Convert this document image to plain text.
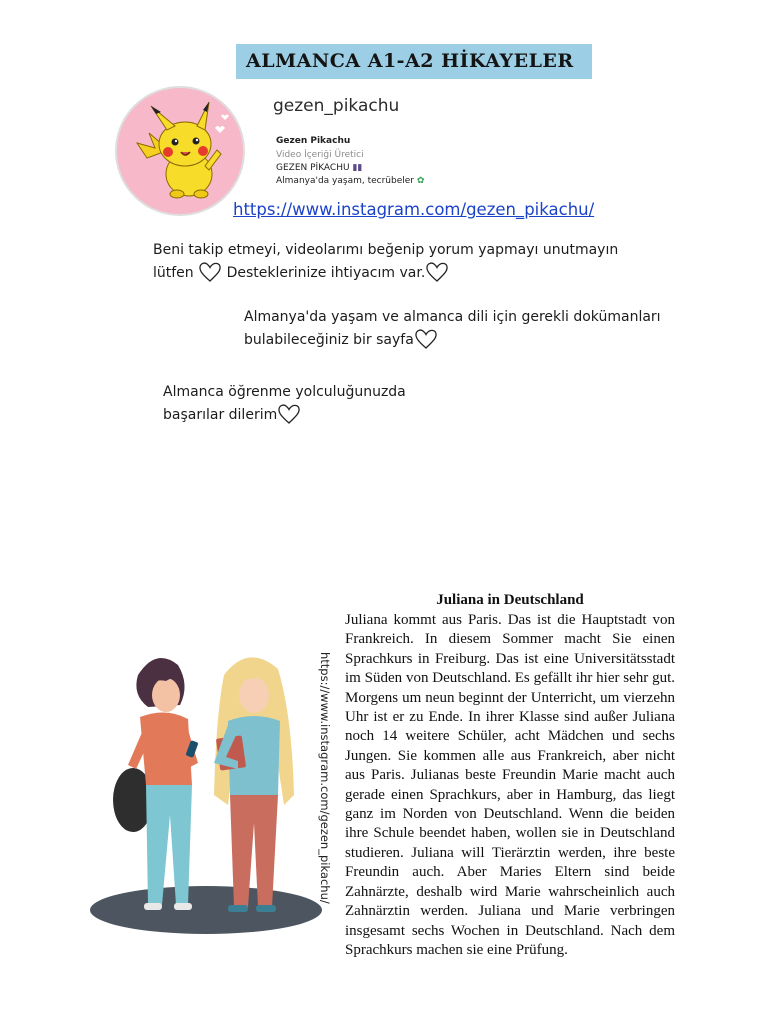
ALMANCA A1-A2 HİKAYELER
gezen_pikachu
Gezen Pikachu
Video İçeriği Üretici
GEZEN PİKACHU ▮▮
Almanya'da yaşam, tecrübeler ✿
https://www.instagram.com/gezen_pikachu/
Beni takip etmeyi, videolarımı beğenip yorum yapmayı unutmayın
lütfen Desteklerinize ihtiyacım var.
Almanya'da yaşam ve almanca dili için gerekli dokümanları
bulabileceğiniz bir sayfa
Almanca öğrenme yolculuğunuzda
başarılar dilerim
https://www.instagram.com/gezen_pikachu/
Juliana in Deutschland
Juliana kommt aus Paris. Das ist die Hauptstadt von Frankreich. In diesem Sommer macht Sie einen Sprachkurs in Freiburg. Das ist eine Universitätsstadt im Süden von Deutschland. Es gefällt ihr hier sehr gut. Morgens um neun beginnt der Unterricht, um vierzehn Uhr ist er zu Ende. In ihrer Klasse sind außer Juliana noch 14 weitere Schüler, acht Mädchen und sechs Jungen. Sie kommen alle aus Frankreich, aber nicht aus Paris. Julianas beste Freundin Marie macht auch gerade einen Sprachkurs, aber in Hamburg, das liegt ganz im Norden von Deutschland. Wenn die beiden ihre Schule beendet haben, wollen sie in Deutschland studieren. Juliana will Tierärztin werden, ihre beste Freundin auch. Aber Maries Eltern sind beide Zahnärzte, deshalb wird Marie wahrscheinlich auch Zahnärztin werden. Juliana und Marie verbringen insgesamt sechs Wochen in Deutschland. Nach dem Sprachkurs machen sie eine Prüfung.
